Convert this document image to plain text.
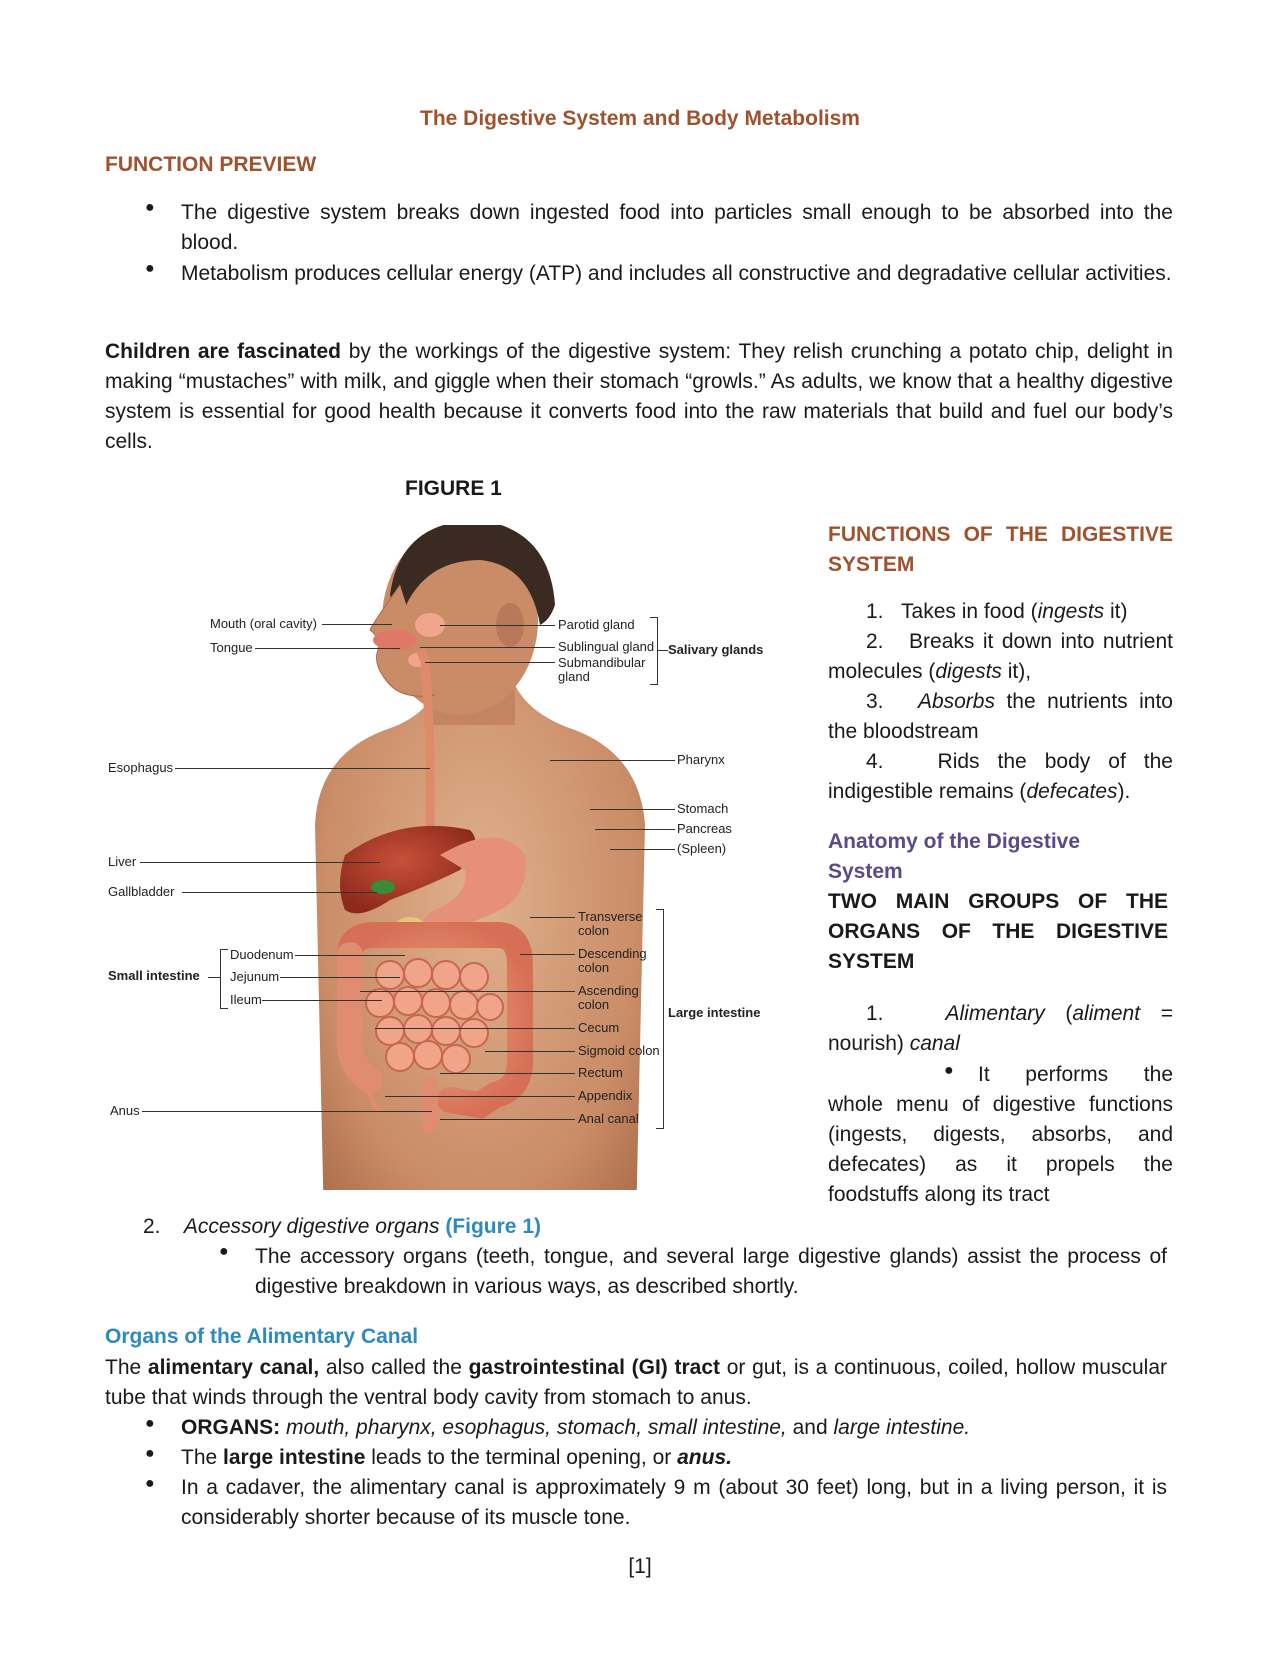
The Digestive System and Body Metabolism
FUNCTION PREVIEW
● The digestive system breaks down ingested food into particles small enough to be absorbed into the blood.
● Metabolism produces cellular energy (ATP) and includes all constructive and degradative cellular activities.
Children are fascinated by the workings of the digestive system: They relish crunching a potato chip, delight in making “mustaches” with milk, and giggle when their stomach “growls.” As adults, we know that a healthy digestive system is essential for good health because it converts food into the raw materials that build and fuel our body’s cells.
FIGURE 1
Mouth (oral cavity)
Tongue
Esophagus
Liver
Gallbladder
Duodenum
Jejunum
Ileum
Small intestine
Anus
Parotid gland
Sublingual gland
Submandibular
gland
Salivary glands
Pharynx
Stomach
Pancreas
(Spleen)
Transverse
colon
Descending
colon
Ascending
colon
Cecum
Sigmoid colon
Rectum
Appendix
Anal canal
Large intestine
FUNCTIONS OF THE DIGESTIVE SYSTEM
1. Takes in food (ingests it)
2. Breaks it down into nutrient molecules (digests it),
3. Absorbs the nutrients into the bloodstream
4.	Rids the body of the indigestible remains (defecates).
Anatomy of the Digestive System
TWO MAIN GROUPS OF THE ORGANS OF THE DIGESTIVE SYSTEM
1.	Alimentary (aliment = nourish) canal
●	It performs the whole menu of digestive functions (ingests, digests, absorbs, and defecates) as it propels the foodstuffs along its tract
2. Accessory digestive organs (Figure 1)
● The accessory organs (teeth, tongue, and several large digestive glands) assist the process of digestive breakdown in various ways, as described shortly.
Organs of the Alimentary Canal
The alimentary canal, also called the gastrointestinal (GI) tract or gut, is a continuous, coiled, hollow muscular tube that winds through the ventral body cavity from stomach to anus.
● ORGANS: mouth, pharynx, esophagus, stomach, small intestine, and large intestine.
● The large intestine leads to the terminal opening, or anus.
● In a cadaver, the alimentary canal is approximately 9 m (about 30 feet) long, but in a living person, it is considerably shorter because of its muscle tone.
[1]
